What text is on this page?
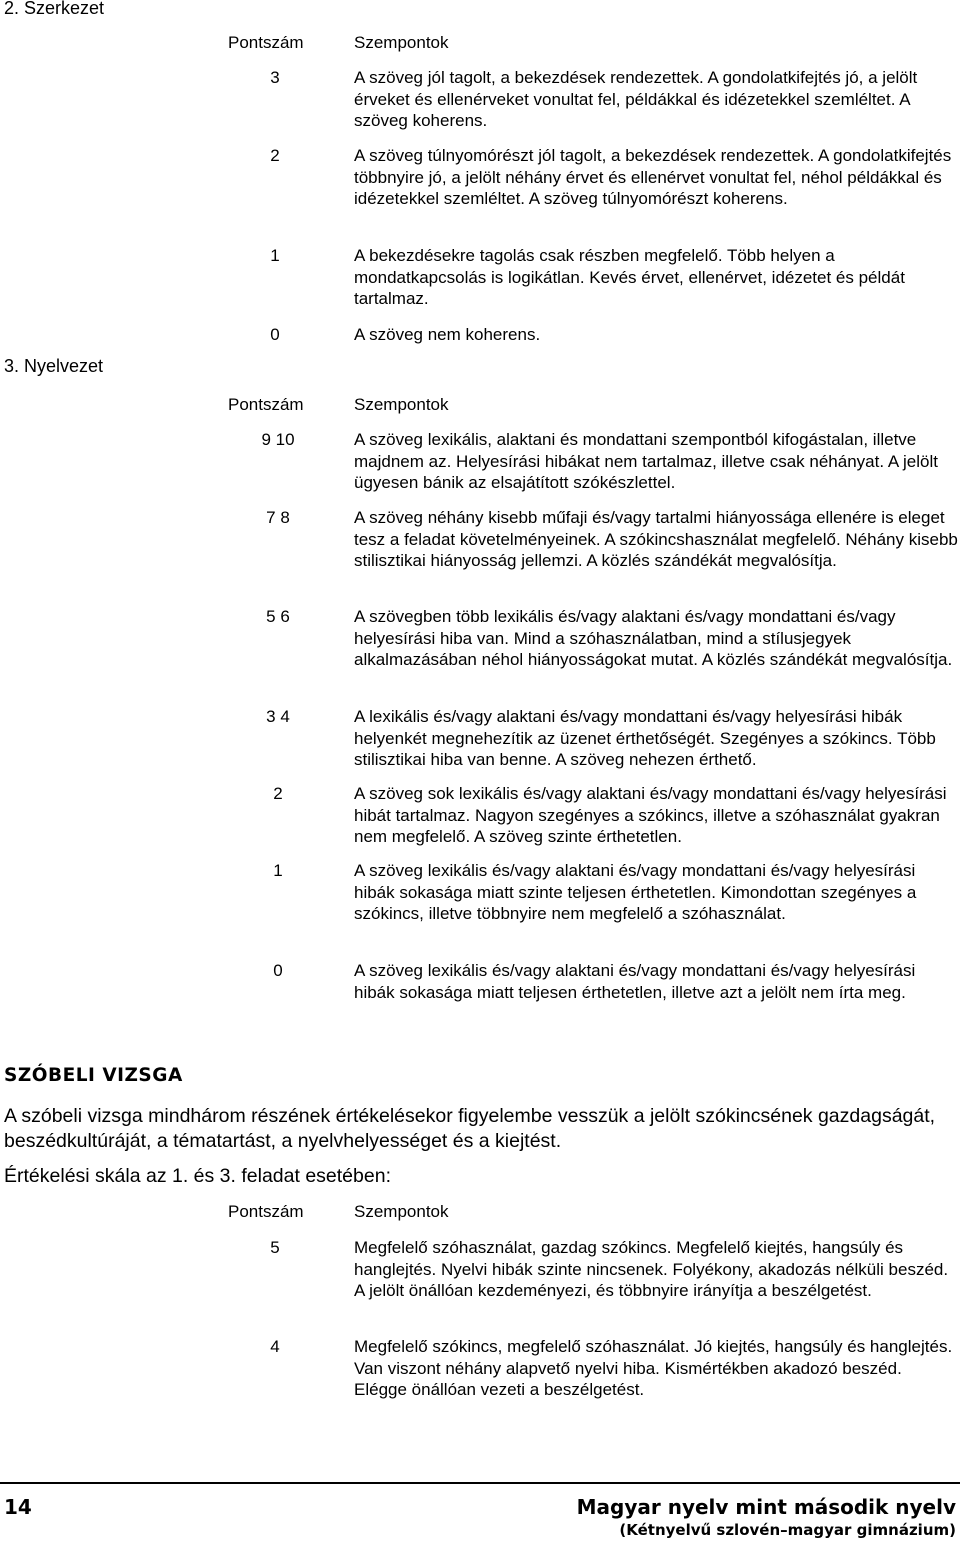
2. Szerkezet
3. Nyelvezet
Pontszám	Szempontok
3	A szöveg jól tagolt, a bekezdések rendezettek. A gondolatkifejtés jó, a jelölt érveket és ellenérveket vonultat fel, példákkal és idézetekkel szemléltet. A szöveg koherens.
2	A szöveg túlnyomórészt jól tagolt, a bekezdések rendezettek. A gondolatkifejtés többnyire jó, a jelölt néhány érvet és ellenérvet vonultat fel, néhol példákkal és idézetekkel szemléltet. A szöveg túlnyomórészt koherens.
1	A bekezdésekre tagolás csak részben megfelelő. Több helyen a mondatkapcsolás is logikátlan. Kevés érvet, ellenérvet, idézetet és példát tartalmaz.
0	A szöveg nem koherens.
Pontszám	Szempontok
9 10	A szöveg lexikális, alaktani és mondattani szempontból kifogástalan, illetve majdnem az. Helyesírási hibákat nem tartalmaz, illetve csak néhányat. A jelölt ügyesen bánik az elsajátított szókészlettel.
7 8	A szöveg néhány kisebb műfaji és/vagy tartalmi hiányossága ellenére is eleget tesz a feladat követelményeinek. A szókincshasználat megfelelő. Néhány kisebb stilisztikai hiányosság jellemzi. A közlés szándékát megvalósítja.
5 6	A szövegben több lexikális és/vagy alaktani és/vagy mondattani és/vagy helyesírási hiba van. Mind a szóhasználatban, mind a stílusjegyek alkalmazásában néhol hiányosságokat mutat. A közlés szándékát megvalósítja.
3 4	A lexikális és/vagy alaktani és/vagy mondattani és/vagy helyesírási hibák helyenkét megnehezítik az üzenet érthetőségét. Szegényes a szókincs. Több stilisztikai hiba van benne. A szöveg nehezen érthető.
2	A szöveg sok lexikális és/vagy alaktani és/vagy mondattani és/vagy helyesírási hibát tartalmaz. Nagyon szegényes a szókincs, illetve a szóhasználat gyakran nem megfelelő. A szöveg szinte érthetetlen.
1	A szöveg lexikális és/vagy alaktani és/vagy mondattani és/vagy helyesírási hibák sokasága miatt szinte teljesen érthetetlen. Kimondottan szegényes a szókincs, illetve többnyire nem megfelelő a szóhasználat.
0	A szöveg lexikális és/vagy alaktani és/vagy mondattani és/vagy helyesírási hibák sokasága miatt teljesen érthetetlen, illetve azt a jelölt nem írta meg.
SZÓBELI VIZSGA
A szóbeli vizsga mindhárom részének értékelésekor figyelembe vesszük a jelölt szókincsének gazdagságát, beszédkultúráját, a tématartást, a nyelvhelyességet és a kiejtést.
Értékelési skála az 1. és 3. feladat esetében:
Pontszám	Szempontok
5	Megfelelő szóhasználat, gazdag szókincs. Megfelelő kiejtés, hangsúly és hanglejtés. Nyelvi hibák szinte nincsenek. Folyékony, akadozás nélküli beszéd. A jelölt önállóan kezdeményezi, és többnyire irányítja a beszélgetést.
4	Megfelelő szókincs, megfelelő szóhasználat. Jó kiejtés, hangsúly és hanglejtés. Van viszont néhány alapvető nyelvi hiba. Kismértékben akadozó beszéd. Elégge önállóan vezeti a beszélgetést.
14	Magyar nyelv mint második nyelv
(Kétnyelvű szlovén–magyar gimnázium)
